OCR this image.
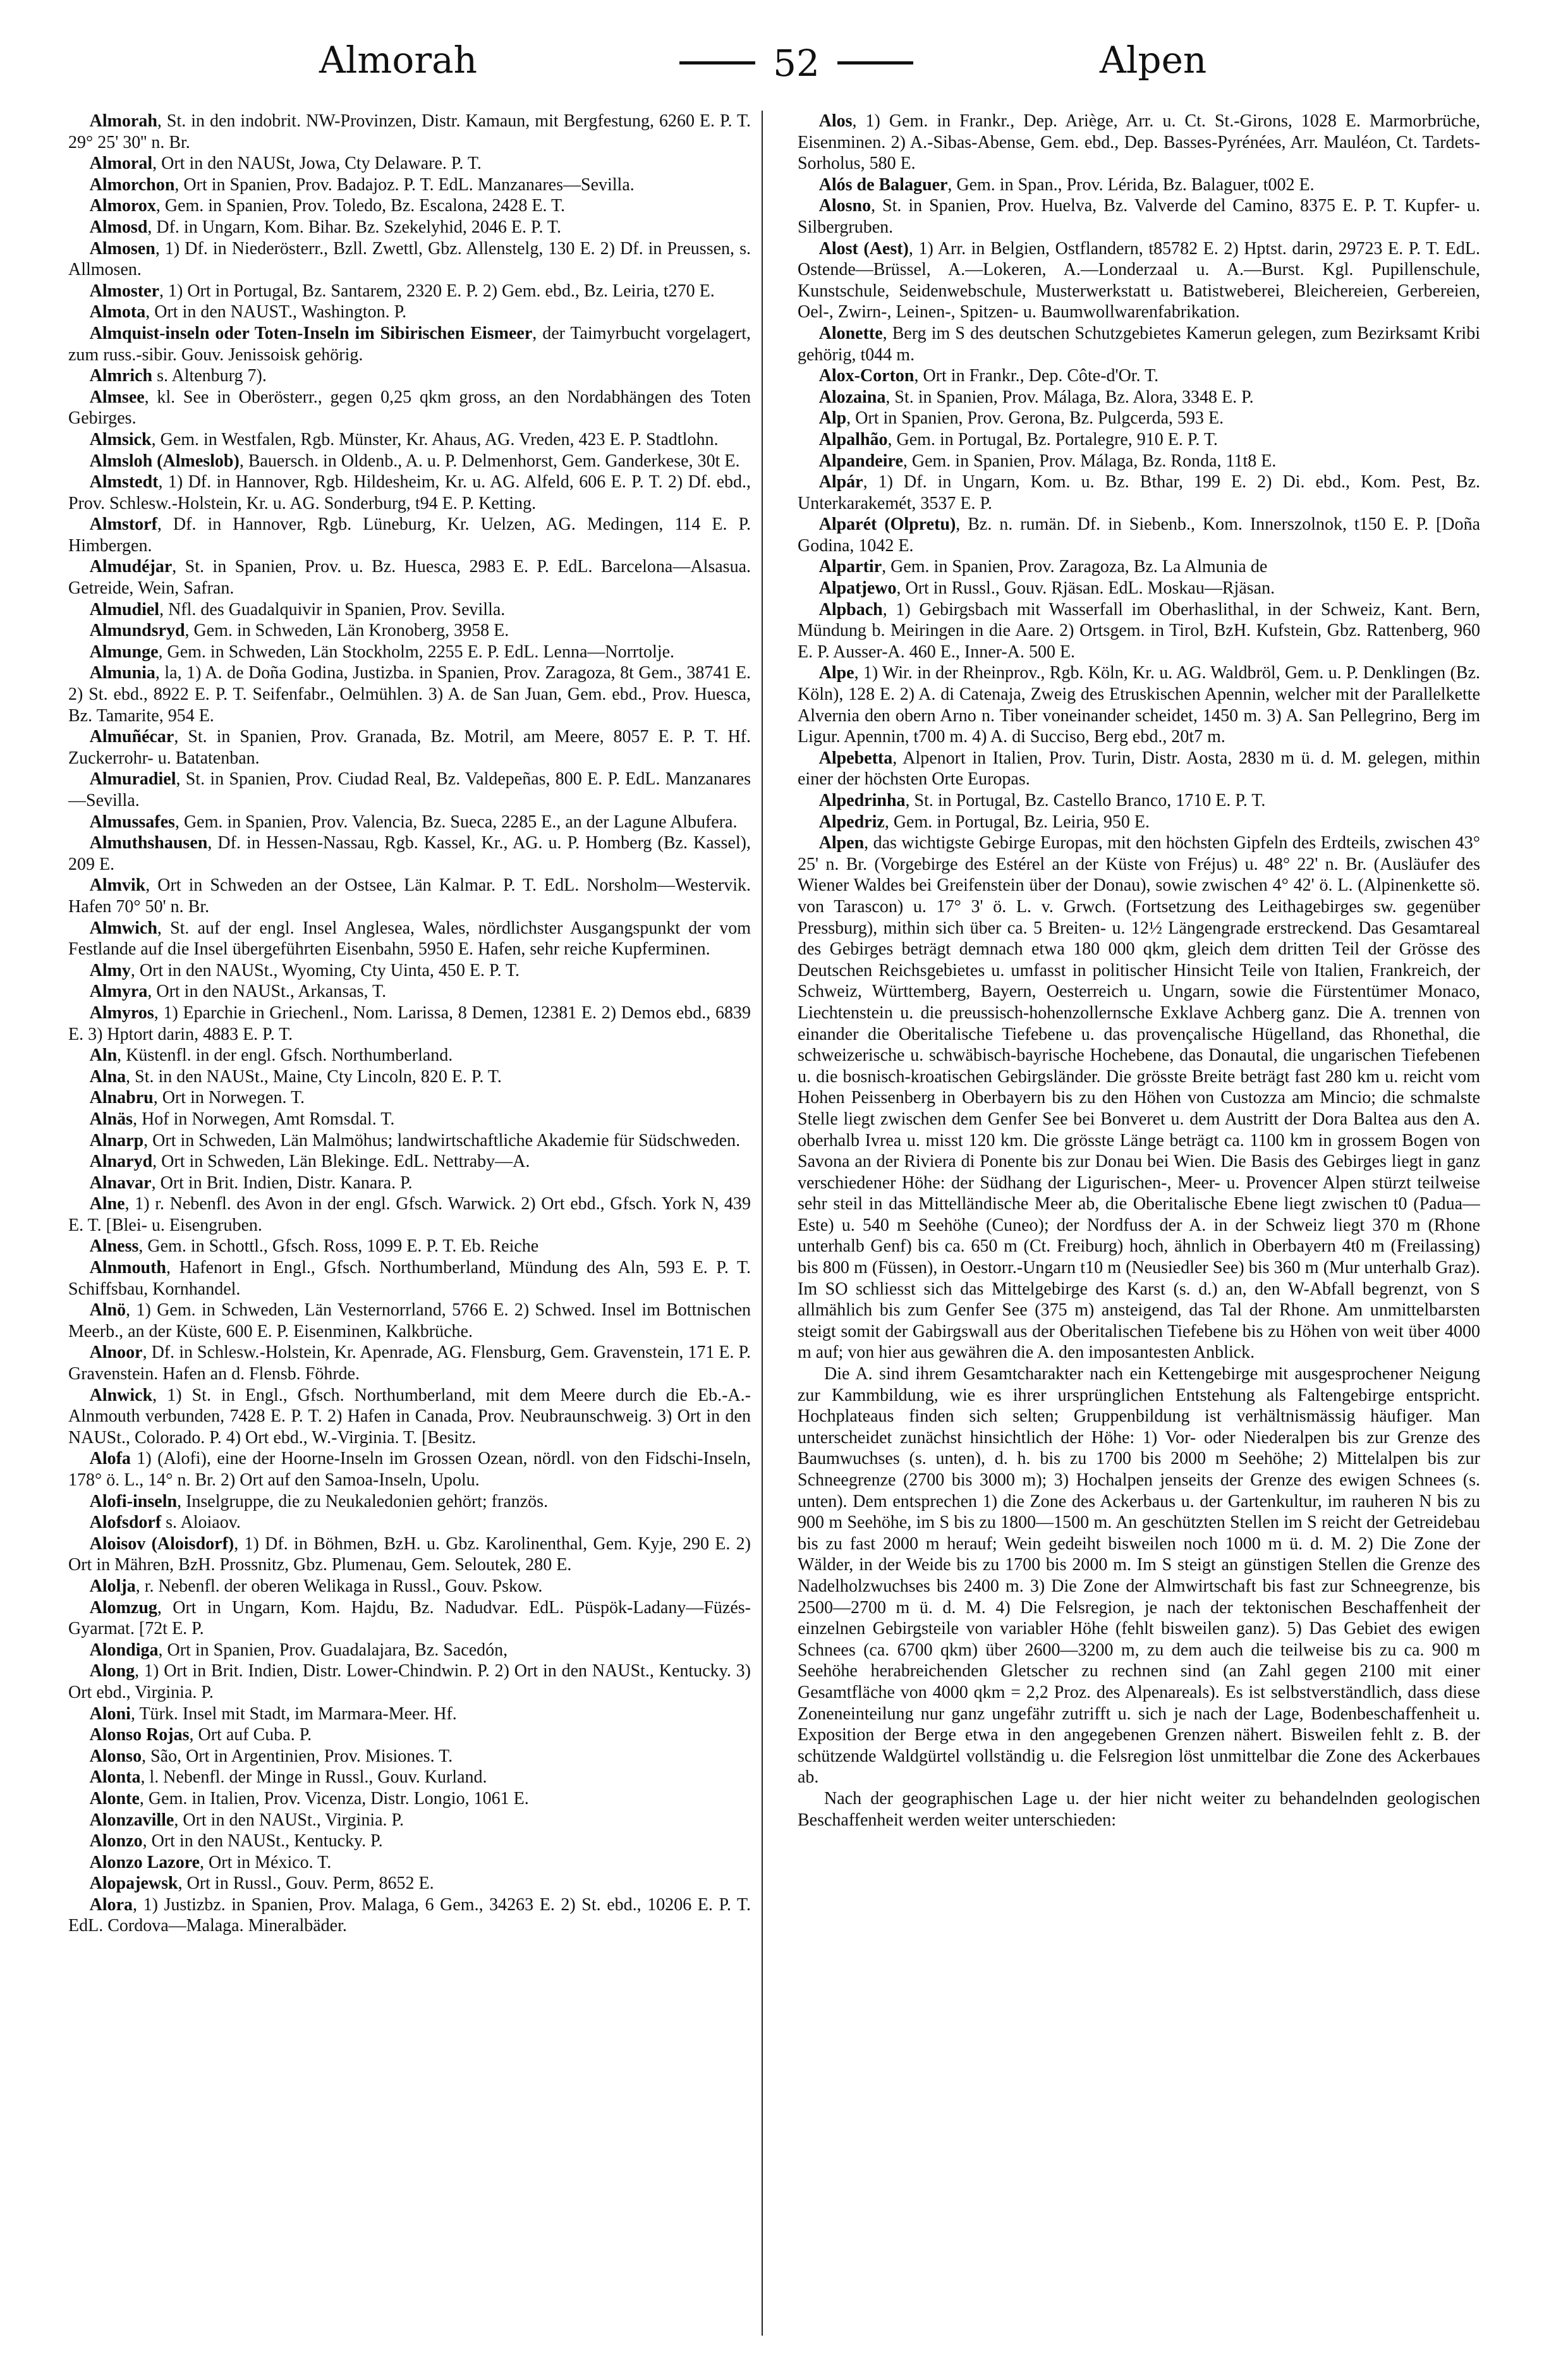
Almorah	52	Alpen

Almorah, St. in den indobrit. NW-Provinzen, Distr. Kamaun, mit Bergfestung, 6260 E. P. T. 29° 25' 30'' n. Br.

Almoral, Ort in den NAUSt, Jowa, Cty Delaware. P. T.

Almorchon, Ort in Spanien, Prov. Badajoz. P. T. EdL. Manzanares—Sevilla.

Almorox, Gem. in Spanien, Prov. Toledo, Bz. Escalona, 2428 E. T.

Almosd, Df. in Ungarn, Kom. Bihar. Bz. Szekelyhid, 2046 E. P. T.

Almosen, 1) Df. in Niederösterr., Bzll. Zwettl, Gbz. Allenstelg, 130 E. 2) Df. in Preussen, s. Allmosen.

Almoster, 1) Ort in Portugal, Bz. Santarem, 2320 E. P. 2) Gem. ebd., Bz. Leiria, t270 E.

Almota, Ort in den NAUST., Washington. P.

Almquist-inseln oder Toten-Inseln im Sibirischen Eismeer, der Taimyrbucht vorgelagert, zum russ.-sibir. Gouv. Jenissoisk gehörig.

Almrich s. Altenburg 7).

Almsee, kl. See in Oberösterr., gegen 0,25 qkm gross, an den Nordabhängen des Toten Gebirges.

Almsick, Gem. in Westfalen, Rgb. Münster, Kr. Ahaus, AG. Vreden, 423 E. P. Stadtlohn.

Almsloh (Almeslob), Bauersch. in Oldenb., A. u. P. Delmenhorst, Gem. Ganderkese, 30t E.

Almstedt, 1) Df. in Hannover, Rgb. Hildesheim, Kr. u. AG. Alfeld, 606 E. P. T. 2) Df. ebd., Prov. Schlesw.-Holstein, Kr. u. AG. Sonderburg, t94 E. P. Ketting.

Almstorf, Df. in Hannover, Rgb. Lüneburg, Kr. Uelzen, AG. Medingen, 114 E. P. Himbergen.

Almudéjar, St. in Spanien, Prov. u. Bz. Huesca, 2983 E. P. EdL. Barcelona—Alsasua. Getreide, Wein, Safran.

Almudiel, Nfl. des Guadalquivir in Spanien, Prov. Sevilla.

Almundsryd, Gem. in Schweden, Län Kronoberg, 3958 E.

Almunge, Gem. in Schweden, Län Stockholm, 2255 E. P. EdL. Lenna—Norrtolje.

Almunia, la, 1) A. de Doña Godina, Justizba. in Spanien, Prov. Zaragoza, 8t Gem., 38741 E. 2) St. ebd., 8922 E. P. T. Seifenfabr., Oelmühlen. 3) A. de San Juan, Gem. ebd., Prov. Huesca, Bz. Tamarite, 954 E.

Almuñécar, St. in Spanien, Prov. Granada, Bz. Motril, am Meere, 8057 E. P. T. Hf. Zuckerrohr- u. Batatenban.

Almuradiel, St. in Spanien, Prov. Ciudad Real, Bz. Valdepeñas, 800 E. P. EdL. Manzanares—Sevilla.

Almussafes, Gem. in Spanien, Prov. Valencia, Bz. Sueca, 2285 E., an der Lagune Albufera.

Almuthshausen, Df. in Hessen-Nassau, Rgb. Kassel, Kr., AG. u. P. Homberg (Bz. Kassel), 209 E.

Almvik, Ort in Schweden an der Ostsee, Län Kalmar. P. T. EdL. Norsholm—Westervik. Hafen 70° 50' n. Br.

Almwich, St. auf der engl. Insel Anglesea, Wales, nördlichster Ausgangspunkt der vom Festlande auf die Insel übergeführten Eisenbahn, 5950 E. Hafen, sehr reiche Kupferminen.

Almy, Ort in den NAUSt., Wyoming, Cty Uinta, 450 E. P. T.

Almyra, Ort in den NAUSt., Arkansas, T.

Almyros, 1) Eparchie in Griechenl., Nom. Larissa, 8 Demen, 12381 E. 2) Demos ebd., 6839 E. 3) Hptort darin, 4883 E. P. T.

Aln, Küstenfl. in der engl. Gfsch. Northumberland.

Alna, St. in den NAUSt., Maine, Cty Lincoln, 820 E. P. T.

Alnabru, Ort in Norwegen. T.

Alnäs, Hof in Norwegen, Amt Romsdal. T.

Alnarp, Ort in Schweden, Län Malmöhus; landwirtschaftliche Akademie für Südschweden.

Alnaryd, Ort in Schweden, Län Blekinge. EdL. Nettraby—A.

Alnavar, Ort in Brit. Indien, Distr. Kanara. P.

Alne, 1) r. Nebenfl. des Avon in der engl. Gfsch. Warwick. 2) Ort ebd., Gfsch. York N, 439 E. T. [Blei- u. Eisengruben.

Alness, Gem. in Schottl., Gfsch. Ross, 1099 E. P. T. Eb. Reiche

Alnmouth, Hafenort in Engl., Gfsch. Northumberland, Mündung des Aln, 593 E. P. T. Schiffsbau, Kornhandel.

Alnö, 1) Gem. in Schweden, Län Vesternorrland, 5766 E. 2) Schwed. Insel im Bottnischen Meerb., an der Küste, 600 E. P. Eisenminen, Kalkbrüche.

Alnoor, Df. in Schlesw.-Holstein, Kr. Apenrade, AG. Flensburg, Gem. Gravenstein, 171 E. P. Gravenstein. Hafen an d. Flensb. Föhrde.

Alnwick, 1) St. in Engl., Gfsch. Northumberland, mit dem Meere durch die Eb.-A.-Alnmouth verbunden, 7428 E. P. T. 2) Hafen in Canada, Prov. Neubraunschweig. 3) Ort in den NAUSt., Colorado. P. 4) Ort ebd., W.-Virginia. T. [Besitz.

Alofa 1) (Alofi), eine der Hoorne-Inseln im Grossen Ozean, nördl. von den Fidschi-Inseln, 178° ö. L., 14° n. Br. 2) Ort auf den Samoa-Inseln, Upolu.

Alofi-inseln, Inselgruppe, die zu Neukaledonien gehört; französ.

Alofsdorf s. Aloiaov.

Aloisov (Aloisdorf), 1) Df. in Böhmen, BzH. u. Gbz. Karolinenthal, Gem. Kyje, 290 E. 2) Ort in Mähren, BzH. Prossnitz, Gbz. Plumenau, Gem. Seloutek, 280 E.

Alolja, r. Nebenfl. der oberen Welikaga in Russl., Gouv. Pskow.

Alomzug, Ort in Ungarn, Kom. Hajdu, Bz. Nadudvar. EdL. Püspök-Ladany—Füzés-Gyarmat. [72t E. P.

Alondiga, Ort in Spanien, Prov. Guadalajara, Bz. Sacedón,

Along, 1) Ort in Brit. Indien, Distr. Lower-Chindwin. P. 2) Ort in den NAUSt., Kentucky. 3) Ort ebd., Virginia. P.

Aloni, Türk. Insel mit Stadt, im Marmara-Meer. Hf.

Alonso Rojas, Ort auf Cuba. P.

Alonso, São, Ort in Argentinien, Prov. Misiones. T.

Alonta, l. Nebenfl. der Minge in Russl., Gouv. Kurland.

Alonte, Gem. in Italien, Prov. Vicenza, Distr. Longio, 1061 E.

Alonzaville, Ort in den NAUSt., Virginia. P.

Alonzo, Ort in den NAUSt., Kentucky. P.

Alonzo Lazore, Ort in México. T.

Alopajewsk, Ort in Russl., Gouv. Perm, 8652 E.

Alora, 1) Justizbz. in Spanien, Prov. Malaga, 6 Gem., 34263 E. 2) St. ebd., 10206 E. P. T. EdL. Cordova—Malaga. Mineralbäder.

Alos, 1) Gem. in Frankr., Dep. Ariège, Arr. u. Ct. St.-Girons, 1028 E. Marmorbrüche, Eisenminen. 2) A.-Sibas-Abense, Gem. ebd., Dep. Basses-Pyrénées, Arr. Mauléon, Ct. Tardets-Sorholus, 580 E.

Alós de Balaguer, Gem. in Span., Prov. Lérida, Bz. Balaguer, t002 E.

Alosno, St. in Spanien, Prov. Huelva, Bz. Valverde del Camino, 8375 E. P. T. Kupfer- u. Silbergruben.

Alost (Aest), 1) Arr. in Belgien, Ostflandern, t85782 E. 2) Hptst. darin, 29723 E. P. T. EdL. Ostende—Brüssel, A.—Lokeren, A.—Londerzaal u. A.—Burst. Kgl. Pupillenschule, Kunstschule, Seidenwebschule, Musterwerkstatt u. Batistweberei, Bleichereien, Gerbereien, Oel-, Zwirn-, Leinen-, Spitzen- u. Baumwollwarenfabrikation.

Alonette, Berg im S des deutschen Schutzgebietes Kamerun gelegen, zum Bezirksamt Kribi gehörig, t044 m.

Alox-Corton, Ort in Frankr., Dep. Côte-d'Or. T.

Alozaina, St. in Spanien, Prov. Málaga, Bz. Alora, 3348 E. P.

Alp, Ort in Spanien, Prov. Gerona, Bz. Pulgcerda, 593 E.

Alpalhão, Gem. in Portugal, Bz. Portalegre, 910 E. P. T.

Alpandeire, Gem. in Spanien, Prov. Málaga, Bz. Ronda, 11t8 E.

Alpár, 1) Df. in Ungarn, Kom. u. Bz. Bthar, 199 E. 2) Di. ebd., Kom. Pest, Bz. Unterkarakemét, 3537 E. P.

Alparét (Olpretu), Bz. n. rumän. Df. in Siebenb., Kom. Innerszolnok, t150 E. P. [Doña Godina, 1042 E.

Alpartir, Gem. in Spanien, Prov. Zaragoza, Bz. La Almunia de

Alpatjewo, Ort in Russl., Gouv. Rjäsan. EdL. Moskau—Rjäsan.

Alpbach, 1) Gebirgsbach mit Wasserfall im Oberhaslithal, in der Schweiz, Kant. Bern, Mündung b. Meiringen in die Aare. 2) Ortsgem. in Tirol, BzH. Kufstein, Gbz. Rattenberg, 960 E. P. Ausser-A. 460 E., Inner-A. 500 E.

Alpe, 1) Wir. in der Rheinprov., Rgb. Köln, Kr. u. AG. Waldbröl, Gem. u. P. Denklingen (Bz. Köln), 128 E. 2) A. di Catenaja, Zweig des Etruskischen Apennin, welcher mit der Parallelkette Alvernia den obern Arno n. Tiber voneinander scheidet, 1450 m. 3) A. San Pellegrino, Berg im Ligur. Apennin, t700 m. 4) A. di Succiso, Berg ebd., 20t7 m.

Alpebetta, Alpenort in Italien, Prov. Turin, Distr. Aosta, 2830 m ü. d. M. gelegen, mithin einer der höchsten Orte Europas.

Alpedrinha, St. in Portugal, Bz. Castello Branco, 1710 E. P. T.

Alpedriz, Gem. in Portugal, Bz. Leiria, 950 E.

Alpen, das wichtigste Gebirge Europas, mit den höchsten Gipfeln des Erdteils, zwischen 43° 25' n. Br. (Vorgebirge des Estérel an der Küste von Fréjus) u. 48° 22' n. Br. (Ausläufer des Wiener Waldes bei Greifenstein über der Donau), sowie zwischen 4° 42' ö. L. (Alpinenkette sö. von Tarascon) u. 17° 3' ö. L. v. Grwch. (Fortsetzung des Leithagebirges sw. gegenüber Pressburg), mithin sich über ca. 5 Breiten- u. 12½ Längengrade erstreckend. Das Gesamtareal des Gebirges beträgt demnach etwa 180 000 qkm, gleich dem dritten Teil der Grösse des Deutschen Reichsgebietes u. umfasst in politischer Hinsicht Teile von Italien, Frankreich, der Schweiz, Württemberg, Bayern, Oesterreich u. Ungarn, sowie die Fürstentümer Monaco, Liechtenstein u. die preussisch-hohenzollernsche Exklave Achberg ganz. Die A. trennen von einander die Oberitalische Tiefebene u. das provençalische Hügelland, das Rhonethal, die schweizerische u. schwäbisch-bayrische Hochebene, das Donautal, die ungarischen Tiefebenen u. die bosnisch-kroatischen Gebirgsländer. Die grösste Breite beträgt fast 280 km u. reicht vom Hohen Peissenberg in Oberbayern bis zu den Höhen von Custozza am Mincio; die schmalste Stelle liegt zwischen dem Genfer See bei Bonveret u. dem Austritt der Dora Baltea aus den A. oberhalb Ivrea u. misst 120 km. Die grösste Länge beträgt ca. 1100 km in grossem Bogen von Savona an der Riviera di Ponente bis zur Donau bei Wien. Die Basis des Gebirges liegt in ganz verschiedener Höhe: der Südhang der Ligurischen-, Meer- u. Provencer Alpen stürzt teilweise sehr steil in das Mittelländische Meer ab, die Oberitalische Ebene liegt zwischen t0 (Padua—Este) u. 540 m Seehöhe (Cuneo); der Nordfuss der A. in der Schweiz liegt 370 m (Rhone unterhalb Genf) bis ca. 650 m (Ct. Freiburg) hoch, ähnlich in Oberbayern 4t0 m (Freilassing) bis 800 m (Füssen), in Oestorr.-Ungarn t10 m (Neusiedler See) bis 360 m (Mur unterhalb Graz). Im SO schliesst sich das Mittelgebirge des Karst (s. d.) an, den W-Abfall begrenzt, von S allmählich bis zum Genfer See (375 m) ansteigend, das Tal der Rhone. Am unmittelbarsten steigt somit der Gabirgswall aus der Oberitalischen Tiefebene bis zu Höhen von weit über 4000 m auf; von hier aus gewähren die A. den imposantesten Anblick.

Die A. sind ihrem Gesamtcharakter nach ein Kettengebirge mit ausgesprochener Neigung zur Kammbildung, wie es ihrer ursprünglichen Entstehung als Faltengebirge entspricht. Hochplateaus finden sich selten; Gruppenbildung ist verhältnismässig häufiger. Man unterscheidet zunächst hinsichtlich der Höhe: 1) Vor- oder Niederalpen bis zur Grenze des Baumwuchses (s. unten), d. h. bis zu 1700 bis 2000 m Seehöhe; 2) Mittelalpen bis zur Schneegrenze (2700 bis 3000 m); 3) Hochalpen jenseits der Grenze des ewigen Schnees (s. unten). Dem entsprechen 1) die Zone des Ackerbaus u. der Gartenkultur, im rauheren N bis zu 900 m Seehöhe, im S bis zu 1800—1500 m. An geschützten Stellen im S reicht der Getreidebau bis zu fast 2000 m herauf; Wein gedeiht bisweilen noch 1000 m ü. d. M. 2) Die Zone der Wälder, in der Weide bis zu 1700 bis 2000 m. Im S steigt an günstigen Stellen die Grenze des Nadelholzwuchses bis 2400 m. 3) Die Zone der Almwirtschaft bis fast zur Schneegrenze, bis 2500—2700 m ü. d. M. 4) Die Felsregion, je nach der tektonischen Beschaffenheit der einzelnen Gebirgsteile von variabler Höhe (fehlt bisweilen ganz). 5) Das Gebiet des ewigen Schnees (ca. 6700 qkm) über 2600—3200 m, zu dem auch die teilweise bis zu ca. 900 m Seehöhe herabreichenden Gletscher zu rechnen sind (an Zahl gegen 2100 mit einer Gesamtfläche von 4000 qkm = 2,2 Proz. des Alpenareals). Es ist selbstverständlich, dass diese Zoneneinteilung nur ganz ungefähr zutrifft u. sich je nach der Lage, Bodenbeschaffenheit u. Exposition der Berge etwa in den angegebenen Grenzen nähert. Bisweilen fehlt z. B. der schützende Waldgürtel vollständig u. die Felsregion löst unmittelbar die Zone des Ackerbaues ab.

Nach der geographischen Lage u. der hier nicht weiter zu behandelnden geologischen Beschaffenheit werden weiter unterschieden:
